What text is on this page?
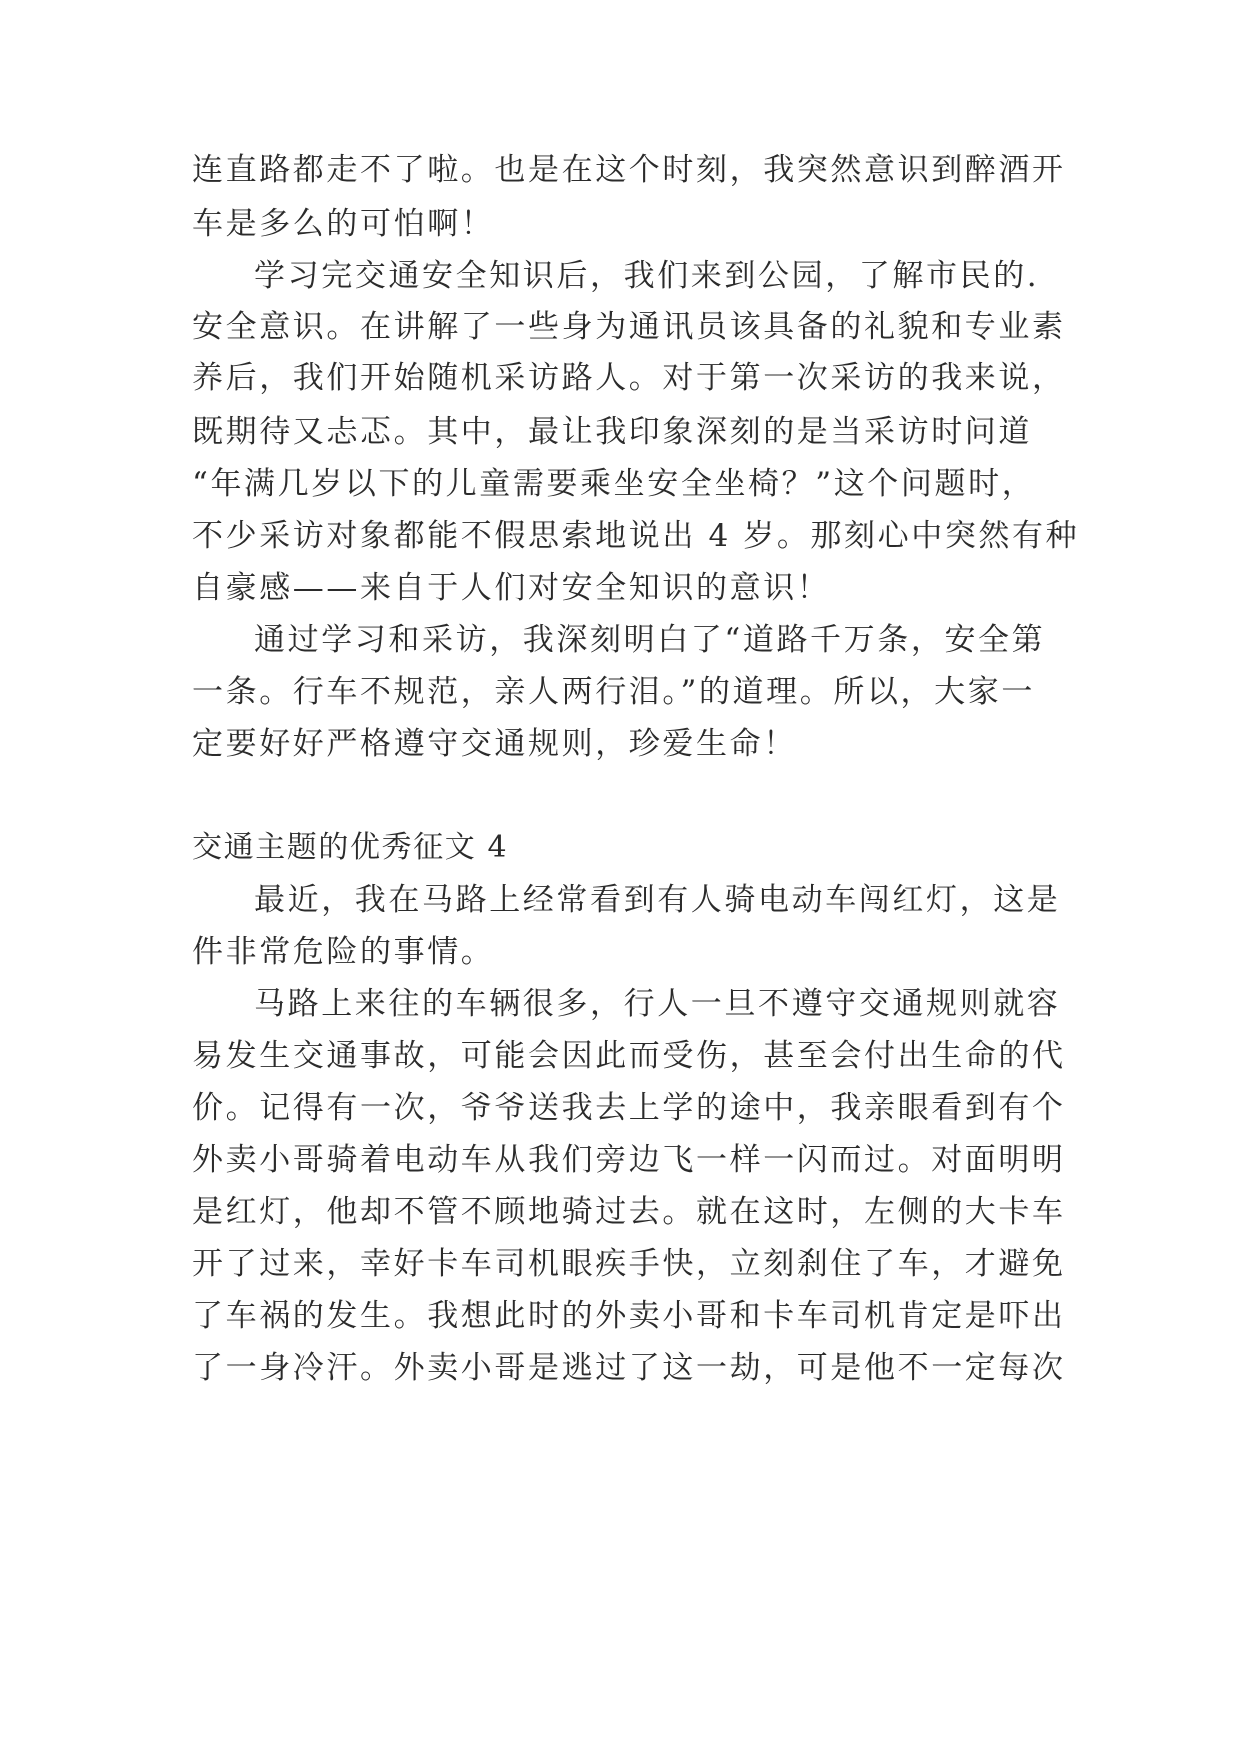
连直路都走不了啦。也是在这个时刻，我突然意识到醉酒开
车是多么的可怕啊！
学习完交通安全知识后，我们来到公园，了解市民的.
安全意识。在讲解了一些身为通讯员该具备的礼貌和专业素
养后，我们开始随机采访路人。对于第一次采访的我来说，
既期待又忐忑。其中，最让我印象深刻的是当采访时问道
“年满几岁以下的儿童需要乘坐安全坐椅？”这个问题时，
不少采访对象都能不假思索地说出 4 岁。那刻心中突然有种
自豪感——来自于人们对安全知识的意识！
通过学习和采访，我深刻明白了“道路千万条，安全第
一条。行车不规范，亲人两行泪。”的道理。所以，大家一
定要好好严格遵守交通规则，珍爱生命！
交通主题的优秀征文 4
最近，我在马路上经常看到有人骑电动车闯红灯，这是
件非常危险的事情。
马路上来往的车辆很多，行人一旦不遵守交通规则就容
易发生交通事故，可能会因此而受伤，甚至会付出生命的代
价。记得有一次，爷爷送我去上学的途中，我亲眼看到有个
外卖小哥骑着电动车从我们旁边飞一样一闪而过。对面明明
是红灯，他却不管不顾地骑过去。就在这时，左侧的大卡车
开了过来，幸好卡车司机眼疾手快，立刻刹住了车，才避免
了车祸的发生。我想此时的外卖小哥和卡车司机肯定是吓出
了一身冷汗。外卖小哥是逃过了这一劫，可是他不一定每次
